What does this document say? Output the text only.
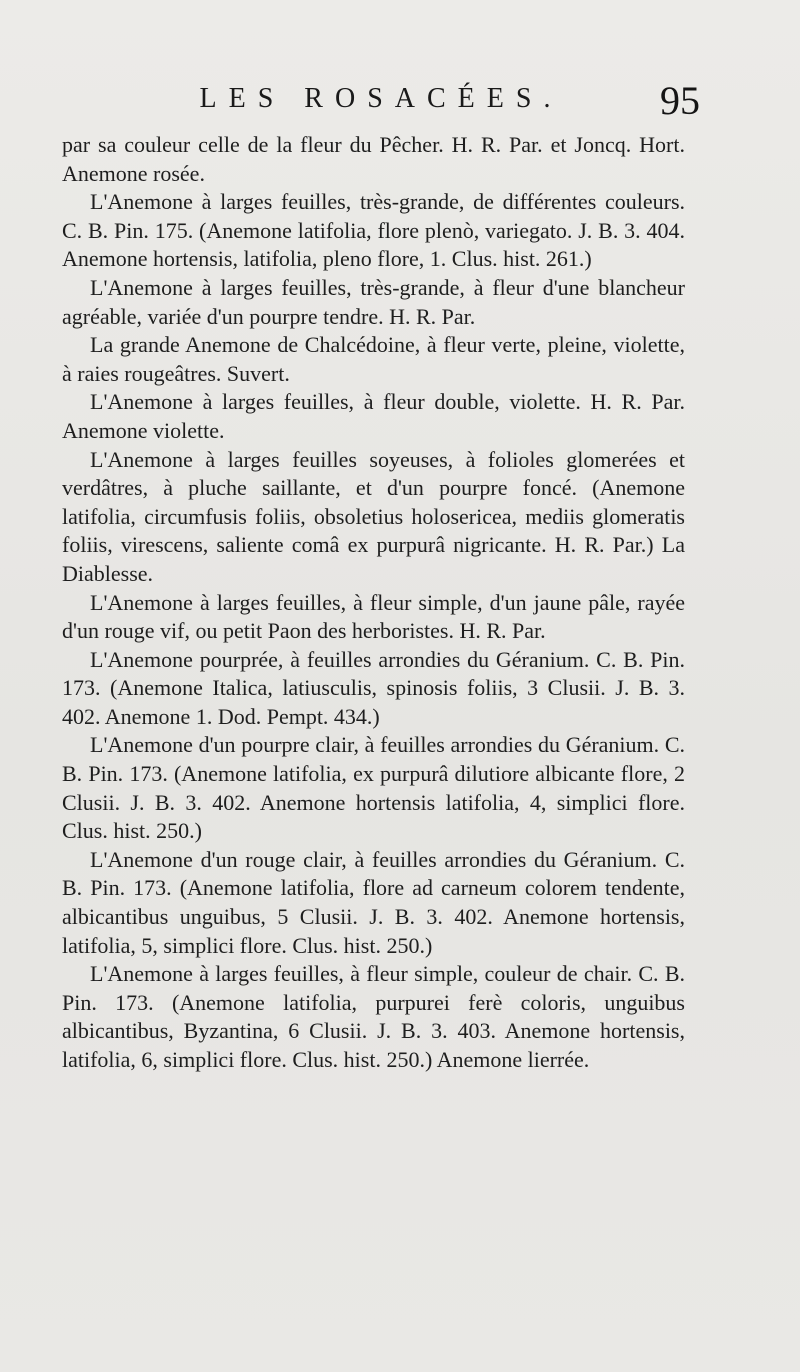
LES ROSACÉES. 95

par sa couleur celle de la fleur du Pêcher. H. R. Par. et Joncq. Hort. Anemone rosée.

L'Anemone à larges feuilles, très-grande, de différentes couleurs. C. B. Pin. 175. (Anemone latifolia, flore plenò, variegato. J. B. 3. 404. Anemone hortensis, latifolia, pleno flore, 1. Clus. hist. 261.)

L'Anemone à larges feuilles, très-grande, à fleur d'une blancheur agréable, variée d'un pourpre tendre. H. R. Par.

La grande Anemone de Chalcédoine, à fleur verte, pleine, violette, à raies rougeâtres. Suvert.

L'Anemone à larges feuilles, à fleur double, violette. H. R. Par. Anemone violette.

L'Anemone à larges feuilles soyeuses, à folioles glomerées et verdâtres, à pluche saillante, et d'un pourpre foncé. (Anemone latifolia, circumfusis foliis, obsoletius holosericea, mediis glomeratis foliis, virescens, saliente comâ ex purpurâ nigricante. H. R. Par.) La Diablesse.

L'Anemone à larges feuilles, à fleur simple, d'un jaune pâle, rayée d'un rouge vif, ou petit Paon des herboristes. H. R. Par.

L'Anemone pourprée, à feuilles arrondies du Géranium. C. B. Pin. 173. (Anemone Italica, latiusculis, spinosis foliis, 3 Clusii. J. B. 3. 402. Anemone 1. Dod. Pempt. 434.)

L'Anemone d'un pourpre clair, à feuilles arrondies du Géranium. C. B. Pin. 173. (Anemone latifolia, ex purpurâ dilutiore albicante flore, 2 Clusii. J. B. 3. 402. Anemone hortensis latifolia, 4, simplici flore. Clus. hist. 250.)

L'Anemone d'un rouge clair, à feuilles arrondies du Géranium. C. B. Pin. 173. (Anemone latifolia, flore ad carneum colorem tendente, albicantibus unguibus, 5 Clusii. J. B. 3. 402. Anemone hortensis, latifolia, 5, simplici flore. Clus. hist. 250.)

L'Anemone à larges feuilles, à fleur simple, couleur de chair. C. B. Pin. 173. (Anemone latifolia, purpurei ferè coloris, unguibus albicantibus, Byzantina, 6 Clusii. J. B. 3. 403. Anemone hortensis, latifolia, 6, simplici flore. Clus. hist. 250.) Anemone lierrée.
